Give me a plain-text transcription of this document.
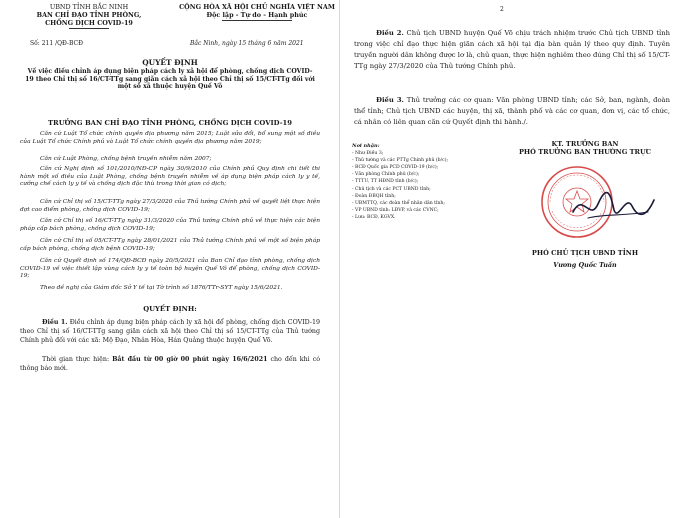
UBND TỈNH BẮC NINH
BAN CHỈ ĐẠO TỈNH PHÒNG,
CHỐNG DỊCH COVID-19
CỘNG HÒA XÃ HỘI CHỦ NGHĨA VIỆT NAM
Độc lập - Tự do - Hạnh phúc
Số: 211 /QĐ-BCĐ	Bắc Ninh, ngày 15 tháng 6 năm 2021
QUYẾT ĐỊNH
Về việc điều chỉnh áp dụng biện pháp cách ly xã hội để phòng, chống dịch COVID-19 theo Chỉ thị số 16/CT-TTg sang giãn cách xã hội theo Chỉ thị số 15/CT-TTg đối với một số xã thuộc huyện Quế Võ
TRƯỞNG BAN CHỈ ĐẠO TỈNH PHÒNG, CHỐNG DỊCH COVID-19

Căn cứ Luật Tổ chức chính quyền địa phương năm 2015; Luật sửa đổi, bổ sung một số điều của Luật Tổ chức Chính phủ và Luật Tổ chức chính quyền địa phương năm 2019;

Căn cứ Luật Phòng, chống bệnh truyền nhiễm năm 2007;

Căn cứ Nghị định số 101/2010/NĐ-CP ngày 30/9/2010 của Chính phủ Quy định chi tiết thi hành một số điều của Luật Phòng, chống bệnh truyền nhiễm về áp dụng biện pháp cách ly y tế, cưỡng chế cách ly y tế và chống dịch đặc thù trong thời gian có dịch;

Căn cứ Chỉ thị số 15/CT-TTg ngày 27/3/2020 của Thủ tướng Chính phủ về quyết liệt thực hiện đợt cao điểm phòng, chống dịch COVID-19;

Căn cứ Chỉ thị số 16/CT-TTg ngày 31/3/2020 của Thủ tướng Chính phủ về thực hiện các biện pháp cấp bách phòng, chống dịch COVID-19;

Căn cứ Chỉ thị số 05/CT-TTg ngày 28/01/2021 của Thủ tướng Chính phủ về một số biện pháp cấp bách phòng, chống dịch bệnh COVID-19;

Căn cứ Quyết định số 174/QĐ-BCĐ ngày 20/5/2021 của Ban Chỉ đạo tỉnh phòng, chống dịch COVID-19 về việc thiết lập vùng cách ly y tế toàn bộ huyện Quế Võ để phòng, chống dịch COVID-19;

Theo đề nghị của Giám đốc Sở Y tế tại Tờ trình số 1876/TTr-SYT ngày 15/6/2021.

QUYẾT ĐỊNH:

Điều 1. Điều chỉnh áp dụng biện pháp cách ly xã hội để phòng, chống dịch COVID-19 theo Chỉ thị số 16/CT-TTg sang giãn cách xã hội theo Chỉ thị số 15/CT-TTg của Thủ tướng Chính phủ đối với các xã: Mộ Đạo, Nhân Hòa, Hán Quảng thuộc huyện Quế Võ.

Thời gian thực hiện: Bắt đầu từ 00 giờ 00 phút ngày 16/6/2021 cho đến khi có thông báo mới.

2

Điều 2. Chủ tịch UBND huyện Quế Võ chịu trách nhiệm trước Chủ tịch UBND tỉnh trong việc chỉ đạo thực hiện giãn cách xã hội tại địa bàn quản lý theo quy định. Tuyên truyền người dân không được lơ là, chủ quan, thực hiện nghiêm theo đúng Chỉ thị số 15/CT-TTg ngày 27/3/2020 của Thủ tướng Chính phủ.

Điều 3. Thủ trưởng các cơ quan: Văn phòng UBND tỉnh; các Sở, ban, ngành, đoàn thể tỉnh; Chủ tịch UBND các huyện, thị xã, thành phố và các cơ quan, đơn vị, các tổ chức, cá nhân có liên quan căn cứ Quyết định thi hành./.

Nơi nhận:
- Như Điều 3;
- Thủ tướng và các PTTg Chính phủ (b/c);
- BCĐ Quốc gia PCD COVID-19 (b/c);
- Văn phòng Chính phủ (b/c);
- TTTU, TT HĐND tỉnh (b/c);
- Chủ tịch và các PCT UBND tỉnh;
- Đoàn ĐBQH tỉnh;
- UBMTTQ, các đoàn thể nhân dân tỉnh;
- VP UBND tỉnh: LĐVP, và các CVNC;
- Lưu: BCĐ, KGVX.
KT. TRƯỞNG BAN
PHÓ TRƯỞNG BAN THƯỜNG TRỰC
PHÓ CHỦ TỊCH UBND TỈNH
Vương Quốc Tuấn
